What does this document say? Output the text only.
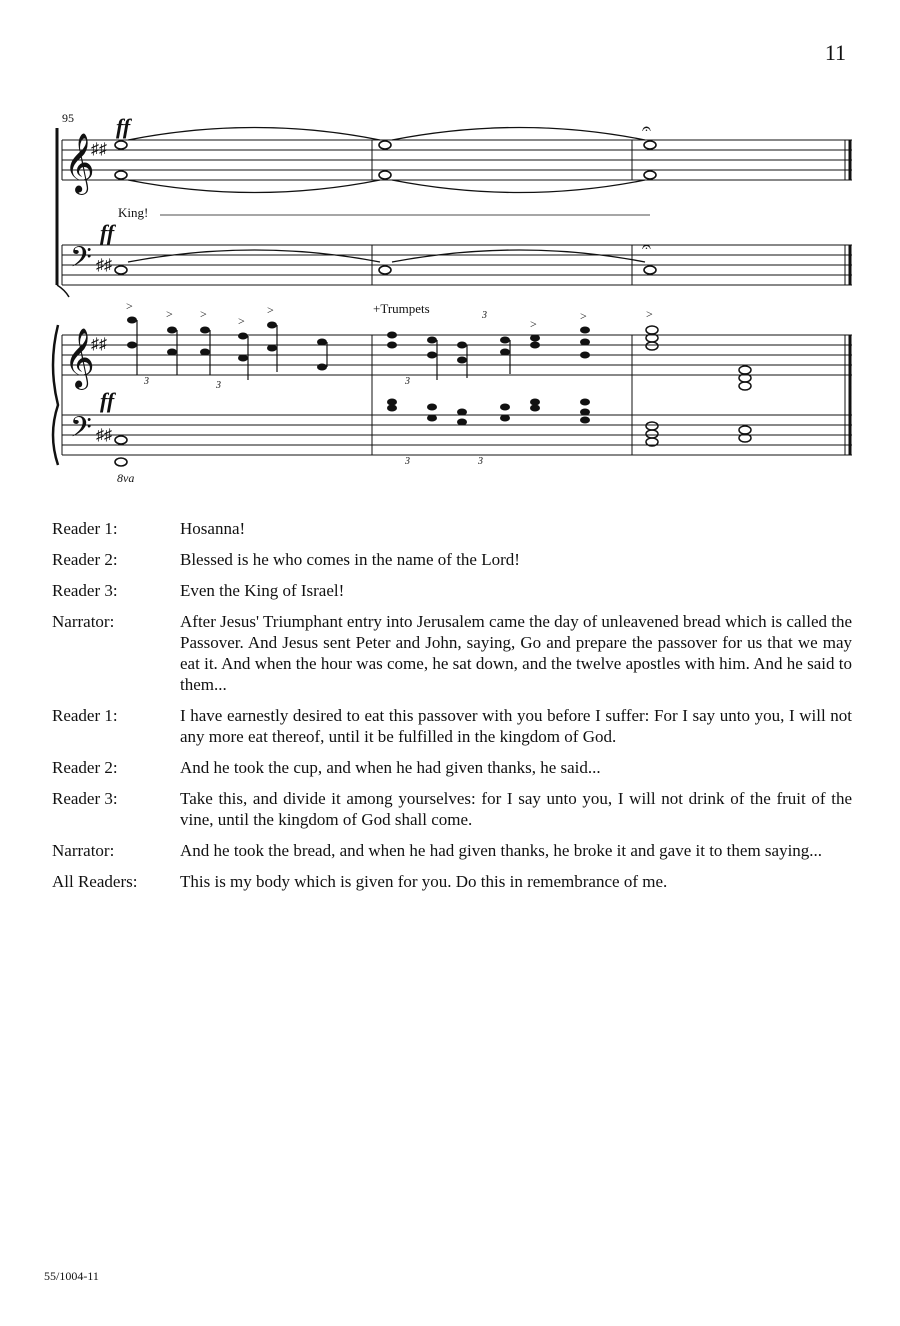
11
95
𝄞
♯♯
ff	𝄐
King!
𝄢 ♯♯
ff
𝄐
+Trumpets
𝄞
♯♯
>
> >	>
>
>
>	>
3	3
3
3
𝄢 ♯♯
ff
8va
3	3
Reader 1:	Hosanna!
Reader 2:	Blessed is he who comes in the name of the Lord!
Reader 3:	Even the King of Israel!
Narrator:	After Jesus' Triumphant entry into Jerusalem came the day of unleavened bread which is called the Passover. And Jesus sent Peter and John, saying, Go and prepare the passover for us that we may eat it. And when the hour was come, he sat down, and the twelve apostles with him. And he said to them...
Reader 1:	I have earnestly desired to eat this passover with you before I suffer: For I say unto you, I will not any more eat thereof, until it be fulfilled in the kingdom of God.
Reader 2:	And he took the cup, and when he had given thanks, he said...
Reader 3:	Take this, and divide it among yourselves: for I say unto you, I will not drink of the fruit of the vine, until the kingdom of God shall come.
Narrator:	And he took the bread, and when he had given thanks, he broke it and gave it to them saying...
All Readers:	This is my body which is given for you. Do this in remembrance of me.
55/1004-11
